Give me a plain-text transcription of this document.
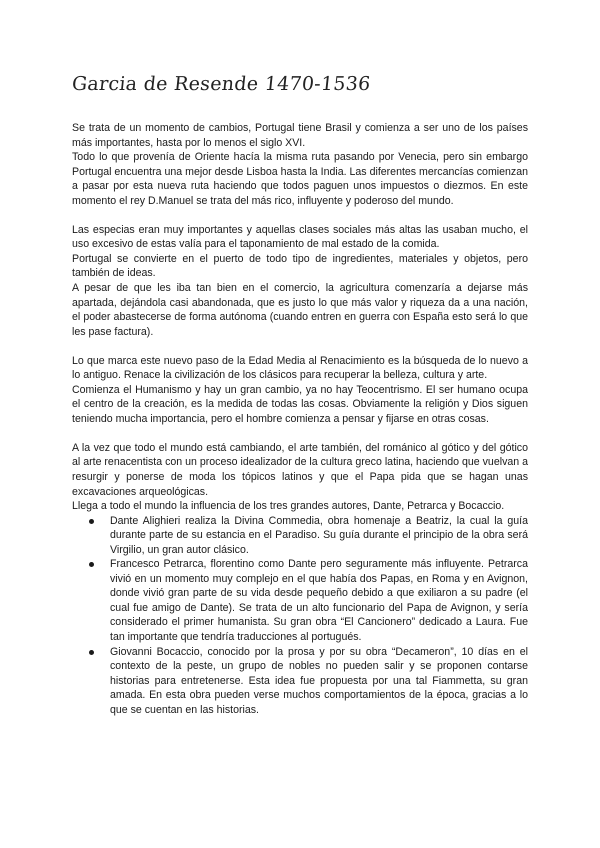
Garcia de Resende 1470-1536

Se trata de un momento de cambios, Portugal tiene Brasil y comienza a ser uno de los países más importantes, hasta por lo menos el siglo XVI.

Todo lo que provenía de Oriente hacía la misma ruta pasando por Venecia, pero sin embargo Portugal encuentra una mejor desde Lisboa hasta la India. Las diferentes mercancías comienzan a pasar por esta nueva ruta haciendo que todos paguen unos impuestos o diezmos. En este momento el rey D.Manuel se trata del más rico, influyente y poderoso del mundo.

Las especias eran muy importantes y aquellas clases sociales más altas las usaban mucho, el uso excesivo de estas valía para el taponamiento de mal estado de la comida.

Portugal se convierte en el puerto de todo tipo de ingredientes, materiales y objetos, pero también de ideas.

A pesar de que les iba tan bien en el comercio, la agricultura comenzaría a dejarse más apartada, dejándola casi abandonada, que es justo lo que más valor y riqueza da a una nación, el poder abastecerse de forma autónoma (cuando entren en guerra con España esto será lo que les pase factura).

Lo que marca este nuevo paso de la Edad Media al Renacimiento es la búsqueda de lo nuevo a lo antiguo. Renace la civilización de los clásicos para recuperar la belleza, cultura y arte.

Comienza el Humanismo y hay un gran cambio, ya no hay Teocentrismo. El ser humano ocupa el centro de la creación, es la medida de todas las cosas. Obviamente la religión y Dios siguen teniendo mucha importancia, pero el hombre comienza a pensar y fijarse en otras cosas.

A la vez que todo el mundo está cambiando, el arte también, del románico al gótico y del gótico al arte renacentista con un proceso idealizador de la cultura greco latina, haciendo que vuelvan a resurgir y ponerse de moda los tópicos latinos y que el Papa pida que se hagan unas excavaciones arqueológicas.

Llega a todo el mundo la influencia de los tres grandes autores, Dante, Petrarca y Bocaccio.

Dante Alighieri realiza la Divina Commedia, obra homenaje a Beatriz, la cual la guía durante parte de su estancia en el Paradiso. Su guía durante el principio de la obra será Virgilio, un gran autor clásico.
Francesco Petrarca, florentino como Dante pero seguramente más influyente. Petrarca vivió en un momento muy complejo en el que había dos Papas, en Roma y en Avignon, donde vivió gran parte de su vida desde pequeño debido a que exiliaron a su padre (el cual fue amigo de Dante). Se trata de un alto funcionario del Papa de Avignon, y sería considerado el primer humanista. Su gran obra “El Cancionero” dedicado a Laura. Fue tan importante que tendría traducciones al portugués.
Giovanni Bocaccio, conocido por la prosa y por su obra “Decameron”, 10 días en el contexto de la peste, un grupo de nobles no pueden salir y se proponen contarse historias para entretenerse. Esta idea fue propuesta por una tal Fiammetta, su gran amada. En esta obra pueden verse muchos comportamientos de la época, gracias a lo que se cuentan en las historias.
